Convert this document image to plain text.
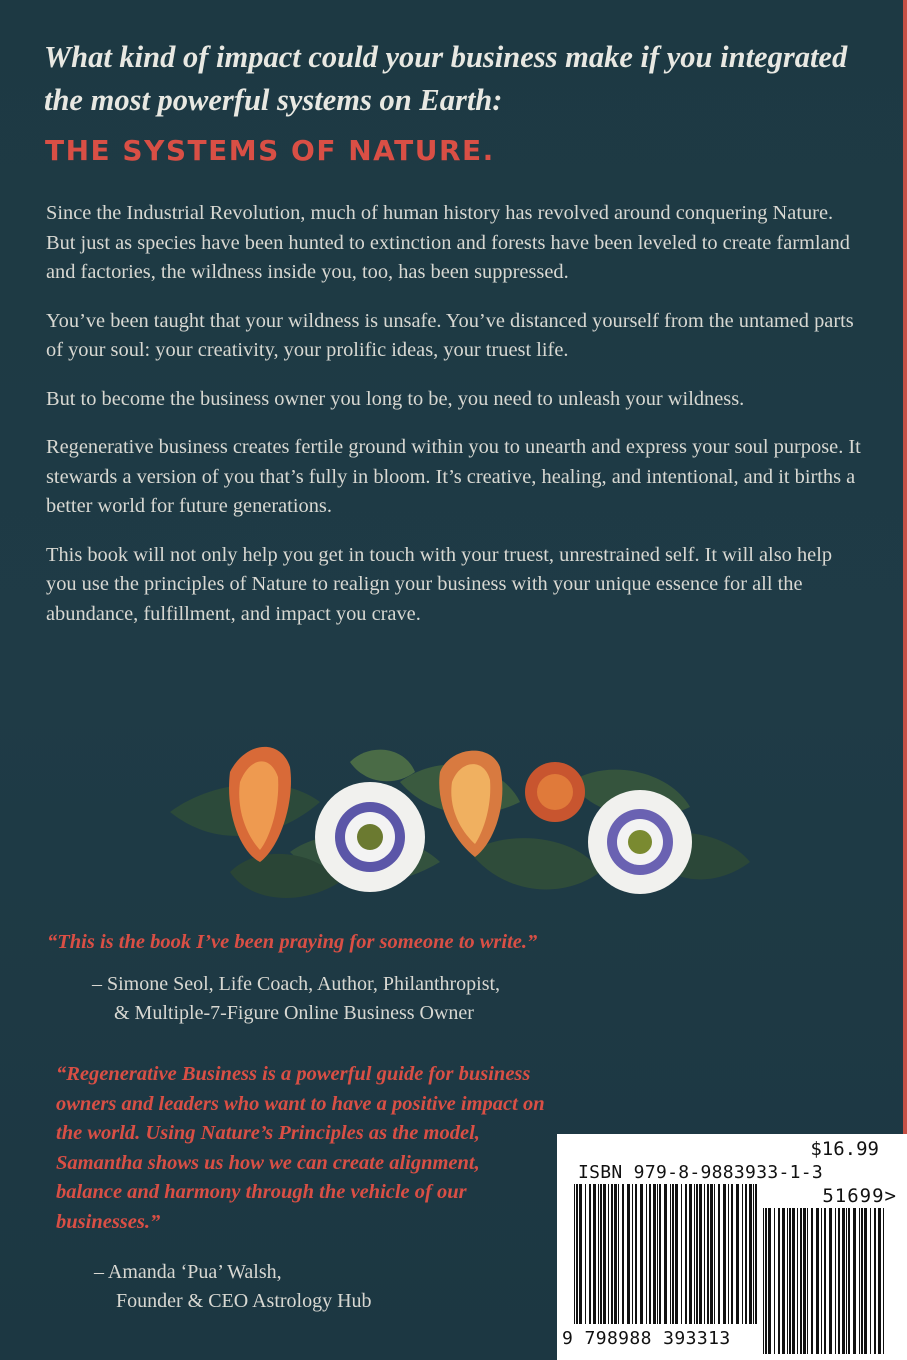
What kind of impact could your business make if you integrated the most powerful systems on Earth:
THE SYSTEMS OF NATURE.

Since the Industrial Revolution, much of human history has revolved around conquering Nature. But just as species have been hunted to extinction and forests have been leveled to create farmland and factories, the wildness inside you, too, has been suppressed.

You’ve been taught that your wildness is unsafe. You’ve distanced yourself from the untamed parts of your soul: your creativity, your prolific ideas, your truest life.

But to become the business owner you long to be, you need to unleash your wildness.

Regenerative business creates fertile ground within you to unearth and express your soul purpose. It stewards a version of you that’s fully in bloom. It’s creative, healing, and intentional, and it births a better world for future generations.

This book will not only help you get in touch with your truest, unrestrained self. It will also help you use the principles of Nature to realign your business with your unique essence for all the abundance, fulfillment, and impact you crave.

“This is the book I’ve been praying for someone to write.”

– Simone Seol, Life Coach, Author, Philanthropist,
& Multiple-7-Figure Online Business Owner

“Regenerative Business is a powerful guide for business owners and leaders who want to have a positive impact on the world. Using Nature’s Principles as the model, Samantha shows us how we can create alignment, balance and harmony through the vehicle of our businesses.”

– Amanda ‘Pua’ Walsh,
Founder & CEO Astrology Hub
$16.99
ISBN 979-8-9883933-1-3
51699>
9 798988 393313
